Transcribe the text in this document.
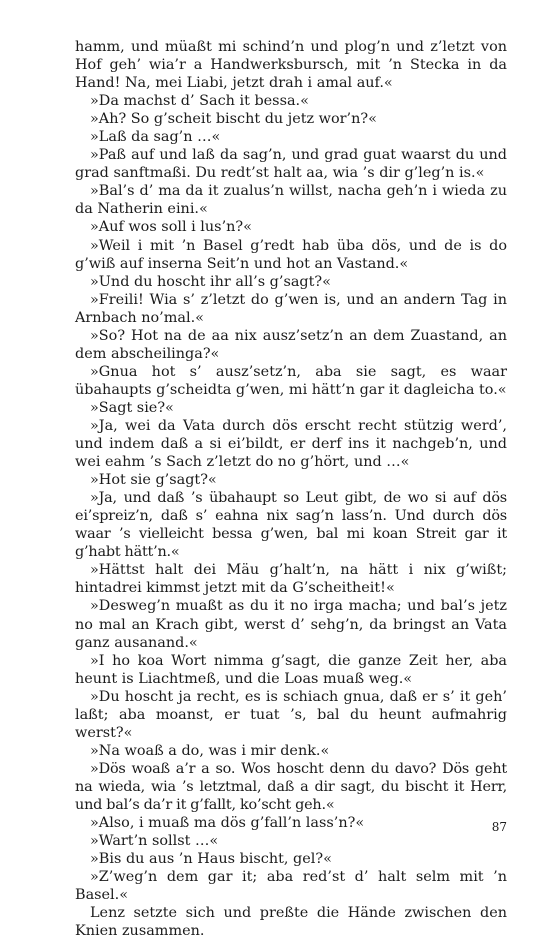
hamm, und müaßt mi schind’n und plog’n und z’letzt von Hof geh’ wia’r a Handwerksbursch, mit ’n Stecka in da Hand! Na, mei Liabi, jetzt drah i amal auf.«

»Da machst d’ Sach it bessa.«

»Ah? So g’scheit bischt du jetz wor’n?«

»Laß da sag’n …«

»Paß auf und laß da sag’n, und grad guat waarst du und grad sanftmaßi. Du redt’st halt aa, wia ’s dir g’leg’n is.«

»Bal’s d’ ma da it zualus’n willst, nacha geh’n i wieda zu da Natherin eini.«

»Auf wos soll i lus’n?«

»Weil i mit ’n Basel g’redt hab üba dös, und de is do g’wiß auf inserna Seit’n und hot an Vastand.«

»Und du hoscht ihr all’s g’sagt?«

»Freili! Wia s’ z’letzt do g’wen is, und an andern Tag in Arnbach no’mal.«

»So? Hot na de aa nix ausz’setz’n an dem Zuastand, an dem abscheilinga?«

»Gnua hot s’ ausz’setz’n, aba sie sagt, es waar übahaupts g’scheidta g’wen, mi hätt’n gar it dagleicha to.«

»Sagt sie?«

»Ja, wei da Vata durch dös erscht recht stützig werd’, und indem daß a si ei’bildt, er derf ins it nachgeb’n, und wei eahm ’s Sach z’letzt do no g’hört, und …«

»Hot sie g’sagt?«

»Ja, und daß ’s übahaupt so Leut gibt, de wo si auf dös ei’spreiz’n, daß s’ eahna nix sag’n lass’n. Und durch dös waar ’s vielleicht bessa g’wen, bal mi koan Streit gar it g’habt hätt’n.«

»Hättst halt dei Mäu g’halt’n, na hätt i nix g’wißt; hintadrei kimmst jetzt mit da G’scheitheit!«

»Desweg’n muaßt as du it no irga macha; und bal’s jetz no mal an Krach gibt, werst d’ sehg’n, da bringst an Vata ganz ausanand.«

»I ho koa Wort nimma g’sagt, die ganze Zeit her, aba heunt is Liachtmeß, und die Loas muaß weg.«

»Du hoscht ja recht, es is schiach gnua, daß er s’ it geh’ laßt; aba moanst, er tuat ’s, bal du heunt aufmahrig werst?«

»Na woaß a do, was i mir denk.«

»Dös woaß a’r a so. Wos hoscht denn du davo? Dös geht na wieda, wia ’s letztmal, daß a dir sagt, du bischt it Herr, und bal’s da’r it g’fallt, ko’scht geh.«

»Also, i muaß ma dös g’fall’n lass’n?«

»Wart’n sollst …«

»Bis du aus ’n Haus bischt, gel?«

»Z’weg’n dem gar it; aba red’st d’ halt selm mit ’n Basel.«

Lenz setzte sich und preßte die Hände zwischen den Knien zusammen.

87
